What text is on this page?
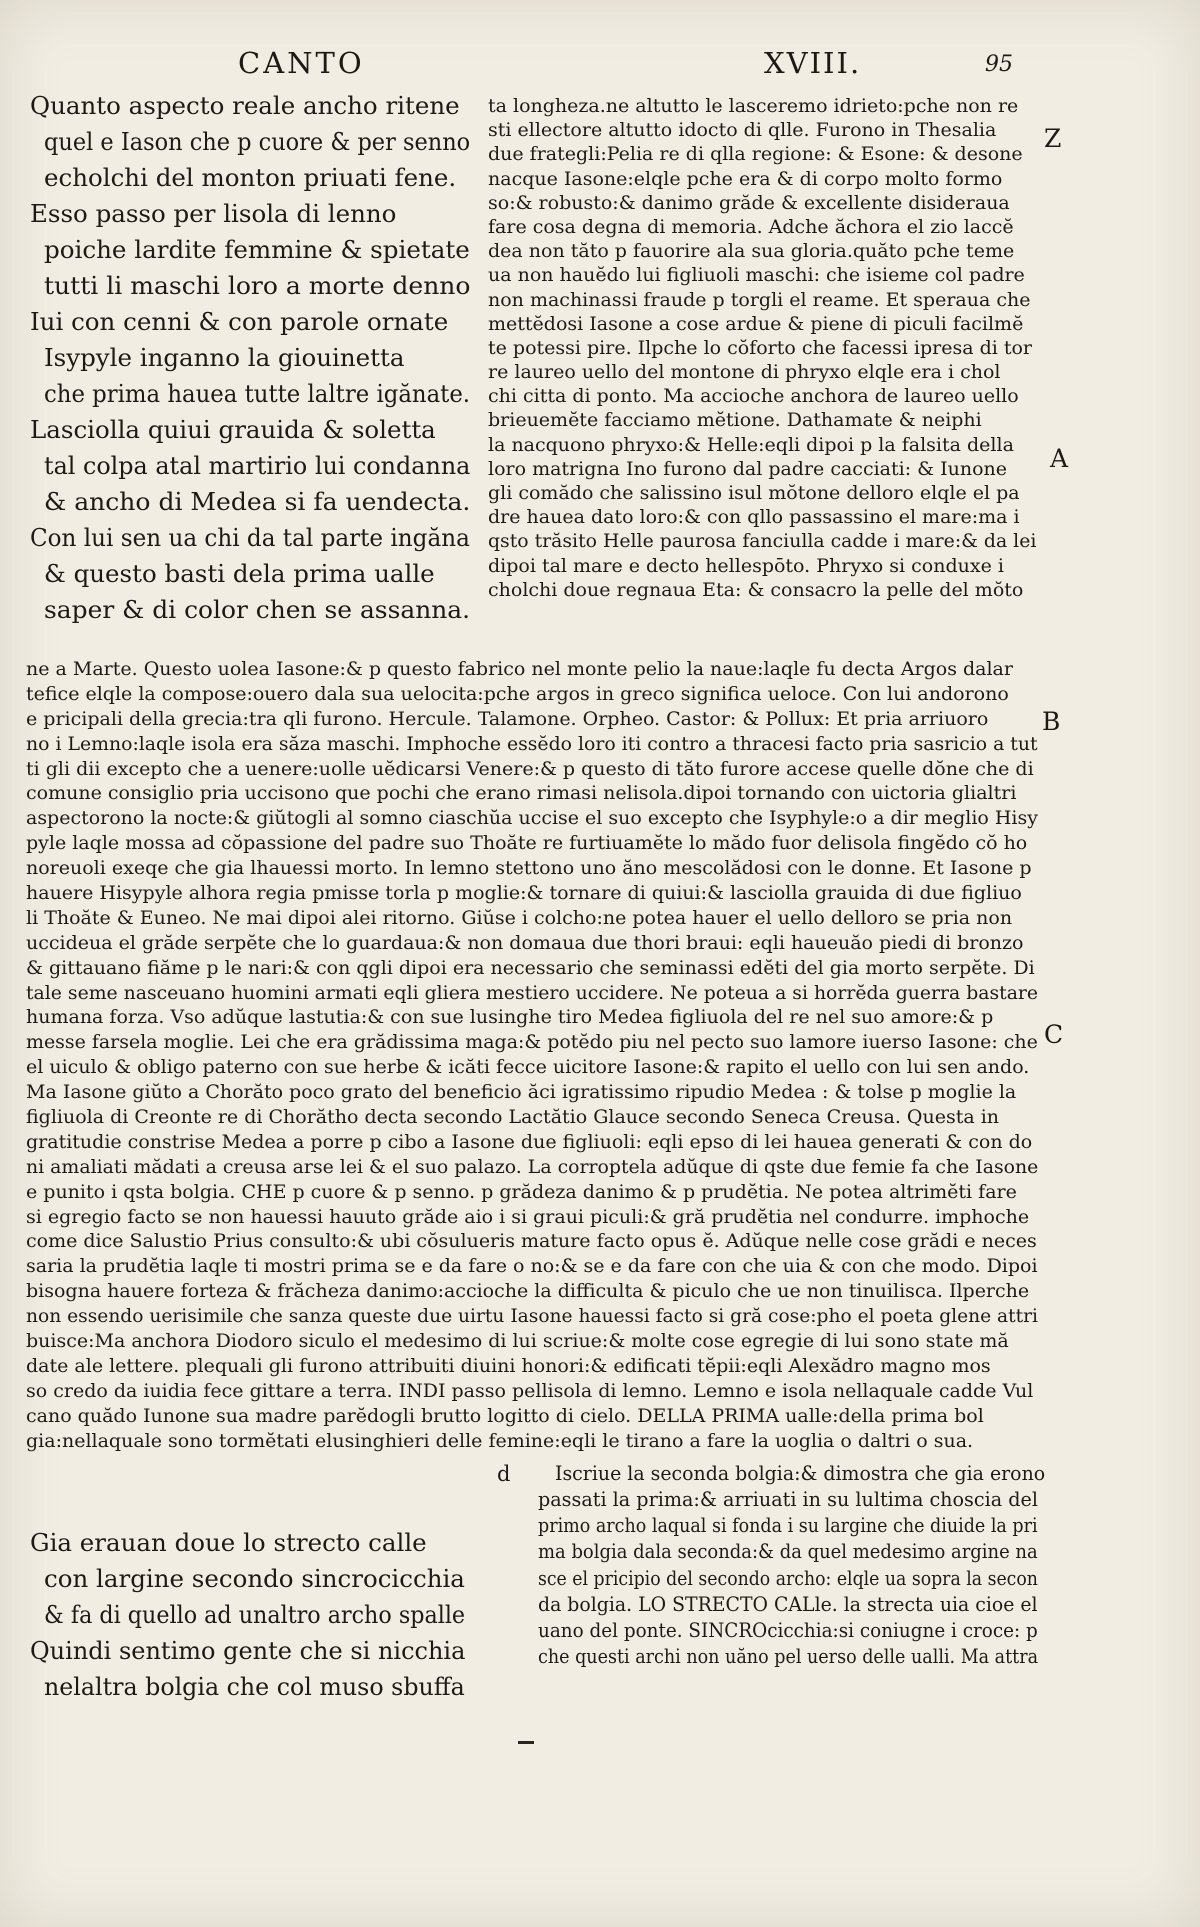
CANTO	XVIII.	95
Quanto aspecto reale ancho ritene
quel e Iason che p cuore & per senno
echolchi del monton priuati fene.
Esso passo per lisola di lenno
poiche lardite femmine & spietate
tutti li maschi loro a morte denno
Iui con cenni & con parole ornate
Isypyle inganno la giouinetta
che prima hauea tutte laltre igănate.
Lasciolla quiui grauida & soletta
tal colpa atal martirio lui condanna
& ancho di Medea si fa uendecta.
Con lui sen ua chi da tal parte ingăna
& questo basti dela prima ualle
saper & di color chen se assanna.
ta longheza.ne altutto le lasceremo idrieto:pche non re
sti ellectore altutto idocto di qlle. Furono in Thesalia
due frategli:Pelia re di qlla regione: & Esone: & desone
nacque Iasone:elqle pche era & di corpo molto formo
so:& robusto:& danimo grăde & excellente disideraua
fare cosa degna di memoria. Adche ăchora el zio laccĕ
dea non tăto p fauorire ala sua gloria.quăto pche teme
ua non hauĕdo lui figliuoli maschi: che isieme col padre
non machinassi fraude p torgli el reame. Et speraua che
mettĕdosi Iasone a cose ardue & piene di piculi facilmĕ
te potessi pire. Ilpche lo cŏforto che facessi ipresa di tor
re laureo uello del montone di phryxo elqle era i chol
chi citta di ponto. Ma accioche anchora de laureo uello
brieuemĕte facciamo mĕtione. Dathamate & neiphi
la nacquono phryxo:& Helle:eqli dipoi p la falsita della
loro matrigna Ino furono dal padre cacciati: & Iunone
gli comădo che salissino isul mŏtone delloro elqle el pa
dre hauea dato loro:& con qllo passassino el mare:ma i
qsto trăsito Helle paurosa fanciulla cadde i mare:& da lei
dipoi tal mare e decto hellespōto. Phryxo si conduxe i
cholchi doue regnaua Eta: & consacro la pelle del mŏto
ne a Marte. Questo uolea Iasone:& p questo fabrico nel monte pelio la naue:laqle fu decta Argos dalar
tefice elqle la compose:ouero dala sua uelocita:pche argos in greco significa ueloce. Con lui andorono
e pricipali della grecia:tra qli furono. Hercule. Talamone. Orpheo. Castor: & Pollux: Et pria arriuoro
no i Lemno:laqle isola era săza maschi. Imphoche essĕdo loro iti contro a thracesi facto pria sasricio a tut
ti gli dii excepto che a uenere:uolle uĕdicarsi Venere:& p questo di tăto furore accese quelle dŏne che di
comune consiglio pria uccisono que pochi che erano rimasi nelisola.dipoi tornando con uictoria glialtri
aspectorono la nocte:& giŭtogli al somno ciaschŭa uccise el suo excepto che Isyphyle:o a dir meglio Hisy
pyle laqle mossa ad cŏpassione del padre suo Thoăte re furtiuamĕte lo mădo fuor delisola fingĕdo cŏ ho
noreuoli exeqe che gia lhauessi morto. In lemno stettono uno ăno mescolădosi con le donne. Et Iasone p
hauere Hisypyle alhora regia pmisse torla p moglie:& tornare di quiui:& lasciolla grauida di due figliuo
li Thoăte & Euneo. Ne mai dipoi alei ritorno. Giŭse i colcho:ne potea hauer el uello delloro se pria non
uccideua el grăde serpĕte che lo guardaua:& non domaua due thori braui: eqli haueuăo piedi di bronzo
& gittauano fiăme p le nari:& con qgli dipoi era necessario che seminassi edĕti del gia morto serpĕte. Di
tale seme nasceuano huomini armati eqli gliera mestiero uccidere. Ne poteua a si horrĕda guerra bastare
humana forza. Vso adŭque lastutia:& con sue lusinghe tiro Medea figliuola del re nel suo amore:& p
messe farsela moglie. Lei che era grădissima maga:& potĕdo piu nel pecto suo lamore iuerso Iasone: che
el uiculo & obligo paterno con sue herbe & icăti fecce uicitore Iasone:& rapito el uello con lui sen ando.
Ma Iasone giŭto a Chorăto poco grato del beneficio ăci igratissimo ripudio Medea : & tolse p moglie la
figliuola di Creonte re di Chorătho decta secondo Lactătio Glauce secondo Seneca Creusa. Questa in
gratitudie constrise Medea a porre p cibo a Iasone due figliuoli: eqli epso di lei hauea generati & con do
ni amaliati mădati a creusa arse lei & el suo palazo. La corroptela adŭque di qste due femie fa che Iasone
e punito i qsta bolgia. CHE p cuore & p senno. p grădeza danimo & p prudĕtia. Ne potea altrimĕti fare
si egregio facto se non hauessi hauuto grăde aio i si graui piculi:& gră prudĕtia nel condurre. imphoche
come dice Salustio Prius consulto:& ubi cŏsulueris mature facto opus ĕ. Adŭque nelle cose grădi e neces
saria la prudĕtia laqle ti mostri prima se e da fare o no:& se e da fare con che uia & con che modo. Dipoi
bisogna hauere forteza & frăcheza danimo:accioche la difficulta & piculo che ue non tinuilisca. Ilperche
non essendo uerisimile che sanza queste due uirtu Iasone hauessi facto si gră cose:pho el poeta glene attri
buisce:Ma anchora Diodoro siculo el medesimo di lui scriue:& molte cose egregie di lui sono state mă
date ale lettere. plequali gli furono attribuiti diuini honori:& edificati tĕpii:eqli Alexădro magno mos
so credo da iuidia fece gittare a terra. INDI passo pellisola di lemno. Lemno e isola nellaquale cadde Vul
cano quădo Iunone sua madre parĕdogli brutto logitto di cielo. DELLA PRIMA ualle:della prima bol
gia:nellaquale sono tormĕtati elusinghieri delle femine:eqli le tirano a fare la uoglia o daltri o sua.
d Iscriue la seconda bolgia:& dimostra che gia erono
Gia erauan doue lo strecto calle
con largine secondo sincrocicchia
& fa di quello ad unaltro archo spalle
Quindi sentimo gente che si nicchia
nelaltra bolgia che col muso sbuffa
passati la prima:& arriuati in su lultima choscia del
primo archo laqual si fonda i su largine che diuide la pri
ma bolgia dala seconda:& da quel medesimo argine na
sce el pricipio del secondo archo: elqle ua sopra la secon
da bolgia. LO STRECTO CALle. la strecta uia cioe el
uano del ponte. SINCROcicchia:si coniugne i croce: p
che questi archi non uăno pel uerso delle ualli. Ma attra
Z
A
B
C
